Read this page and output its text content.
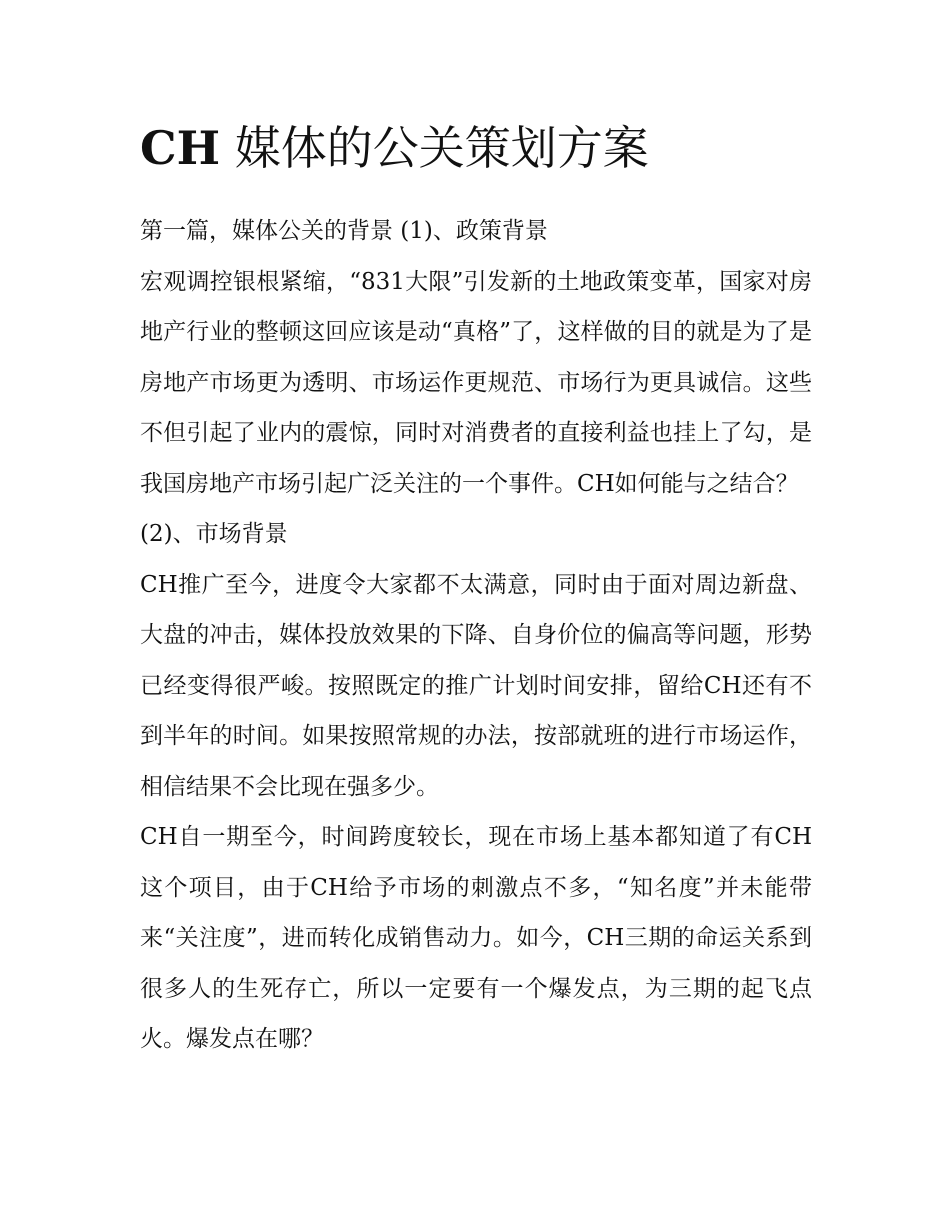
CH 媒体的公关策划方案

第一篇，媒体公关的背景 (1)、政策背景

宏观调控银根紧缩，“831大限”引发新的土地政策变革，国家对房地产行业的整顿这回应该是动“真格”了，这样做的目的就是为了是房地产市场更为透明、市场运作更规范、市场行为更具诚信。这些不但引起了业内的震惊，同时对消费者的直接利益也挂上了勾，是我国房地产市场引起广泛关注的一个事件。CH如何能与之结合？

(2)、市场背景

CH推广至今，进度令大家都不太满意，同时由于面对周边新盘、大盘的冲击，媒体投放效果的下降、自身价位的偏高等问题，形势已经变得很严峻。按照既定的推广计划时间安排，留给CH还有不到半年的时间。如果按照常规的办法，按部就班的进行市场运作，相信结果不会比现在强多少。

CH自一期至今，时间跨度较长，现在市场上基本都知道了有CH这个项目，由于CH给予市场的刺激点不多，“知名度”并未能带来“关注度”，进而转化成销售动力。如今，CH三期的命运关系到很多人的生死存亡，所以一定要有一个爆发点，为三期的起飞点火。爆发点在哪？
